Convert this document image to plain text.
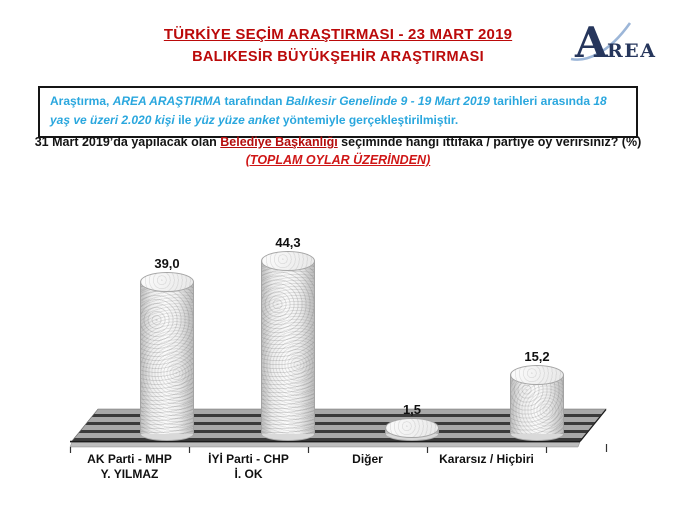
TÜRKİYE SEÇİM ARAŞTIRMASI - 23 MART 2019
BALIKESİR BÜYÜKŞEHİR ARAŞTIRMASI	A REA
Araştırma, AREA ARAŞTIRMA tarafından Balıkesir Genelinde 9 - 19 Mart 2019 tarihleri arasında 18 yaş ve üzeri 2.020 kişi ile yüz yüze anket yöntemiyle gerçekleştirilmiştir.
31 Mart 2019’da yapılacak olan Belediye Başkanlığı seçiminde hangi ittifaka / partiye oy verirsiniz? (%)
(TOPLAM OYLAR ÜZERİNDEN)
39,0
44,3
1,5
15,2
AK Parti - MHP
Y. YILMAZ
İYİ Parti - CHP
İ. OK
Diğer	Kararsız / Hiçbiri
